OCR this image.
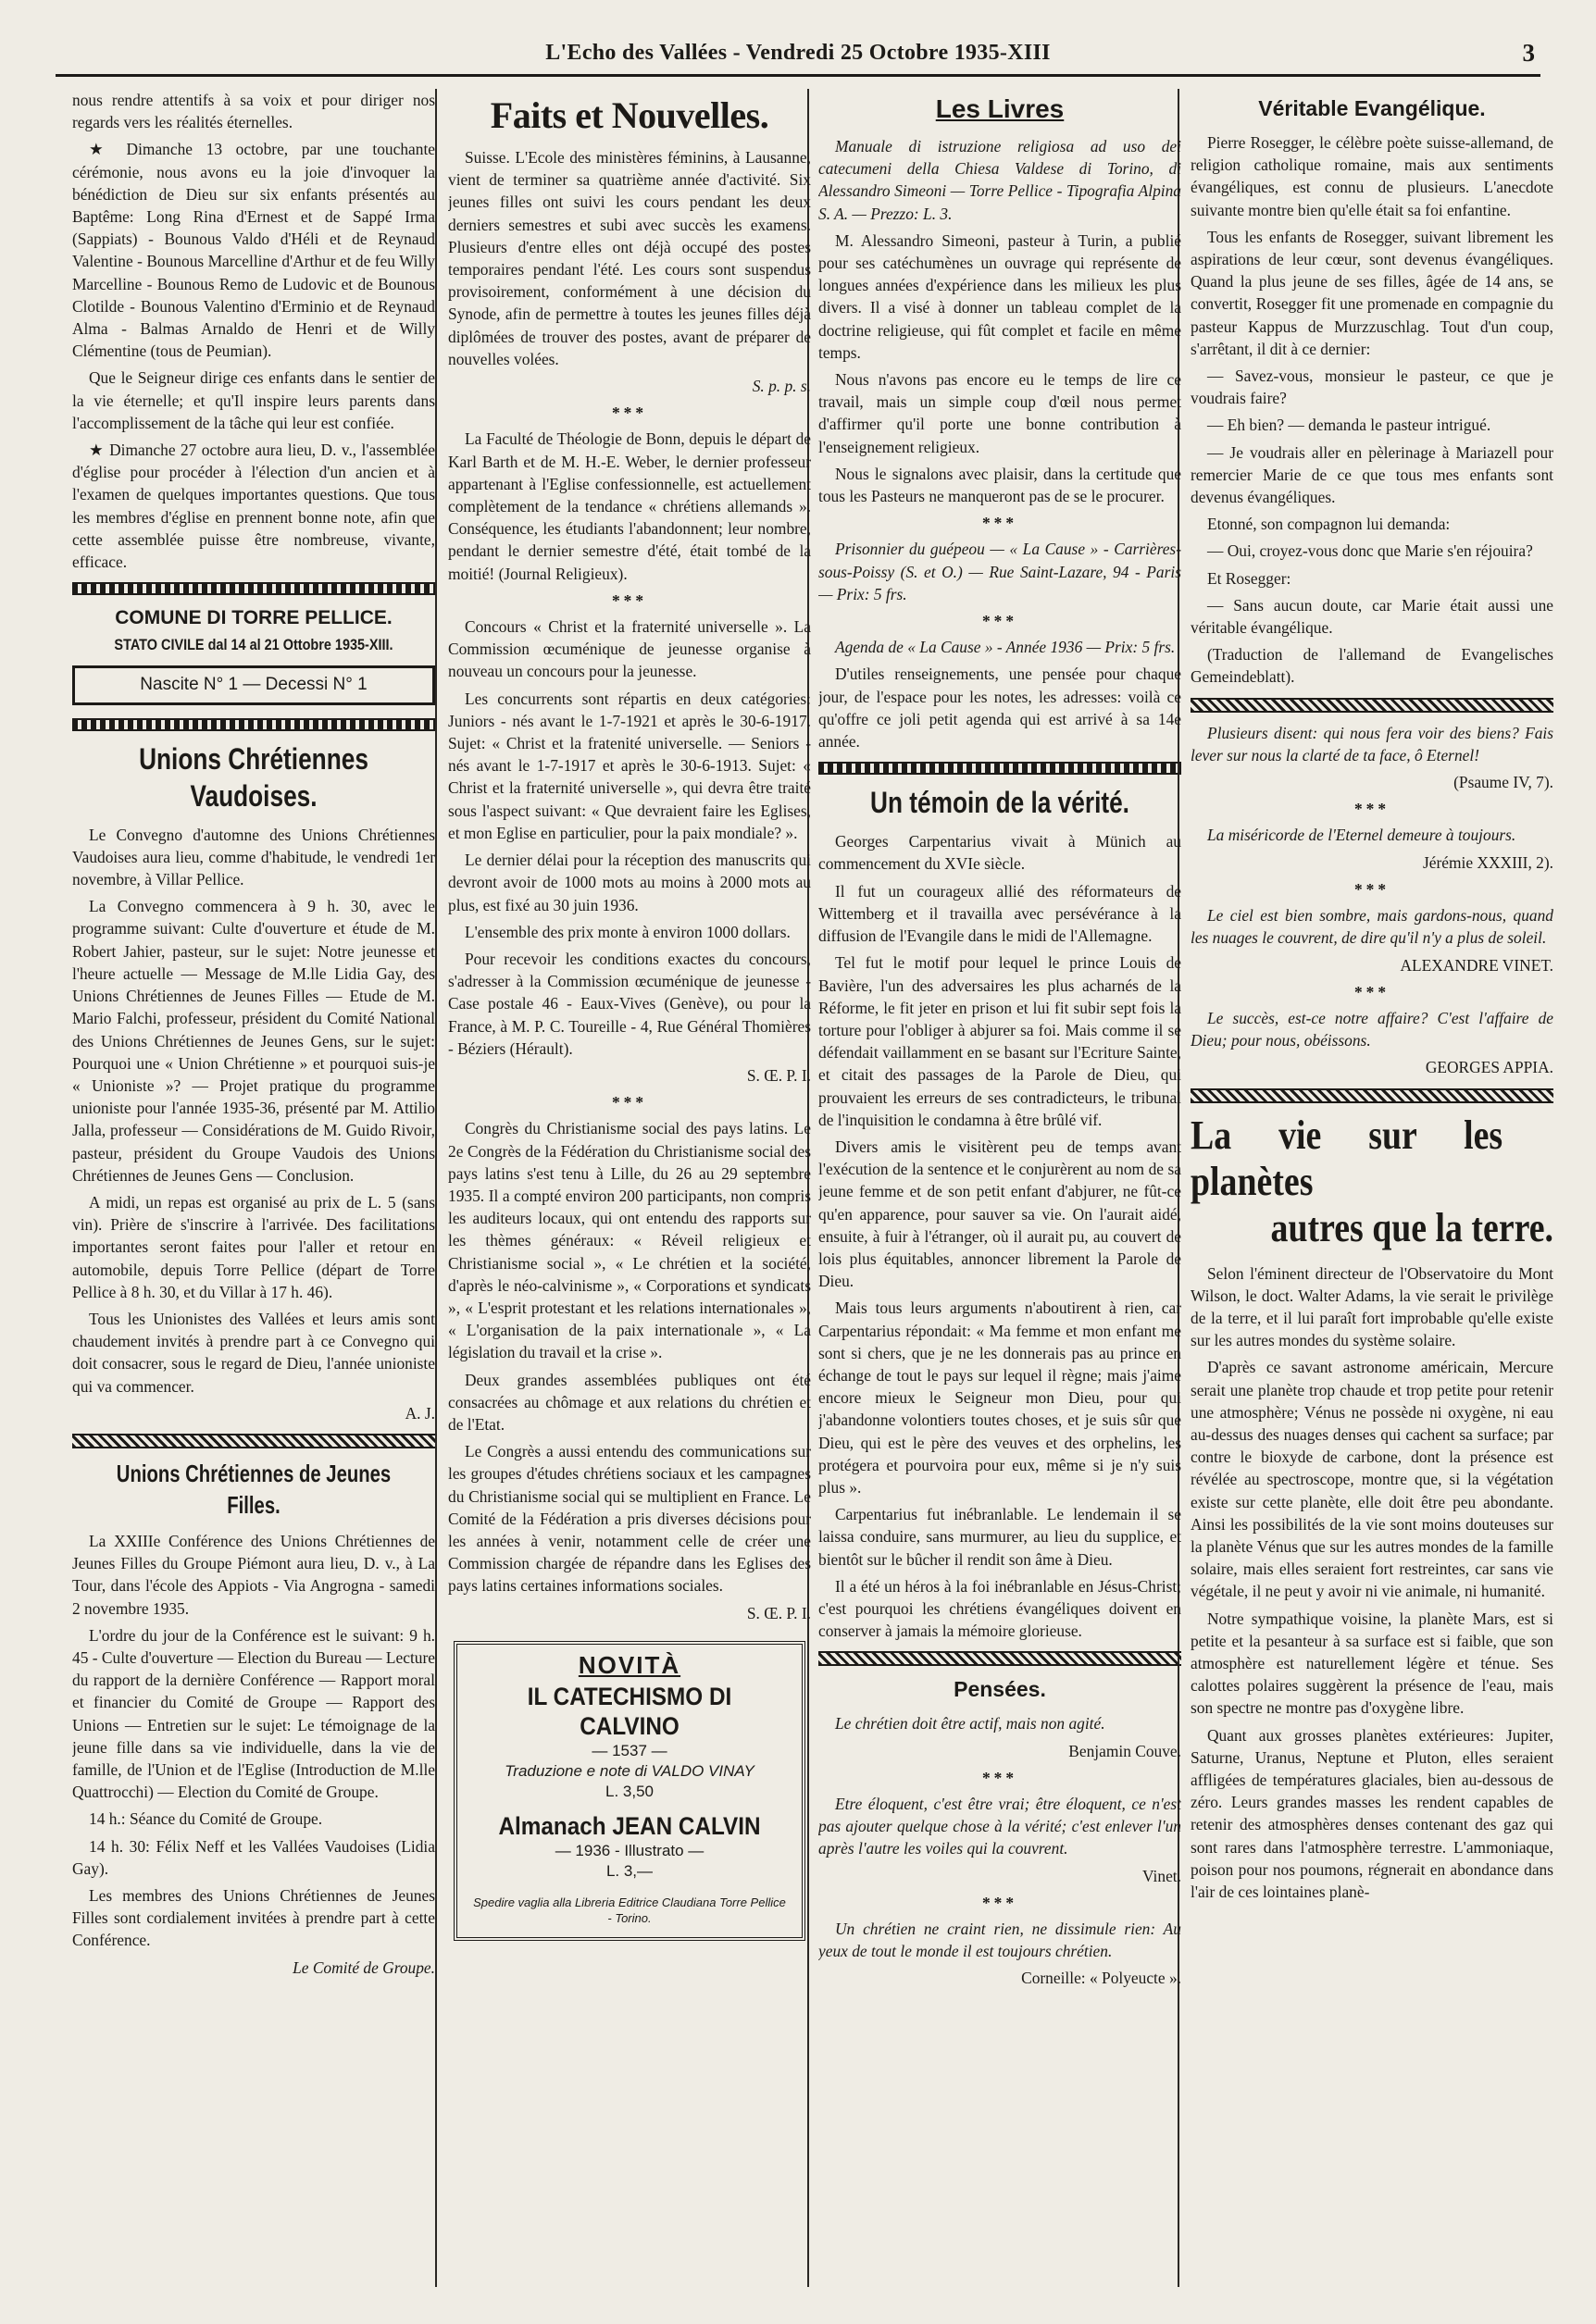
L'Echo des Vallées - Vendredi 25 Octobre 1935-XIII	3

nous rendre attentifs à sa voix et pour diriger nos regards vers les réalités éternelles.

★ Dimanche 13 octobre, par une touchante cérémonie, nous avons eu la joie d'invoquer la bénédiction de Dieu sur six enfants présentés au Baptême: Long Rina d'Ernest et de Sappé Irma (Sappiats) - Bounous Valdo d'Héli et de Reynaud Valentine - Bounous Marcelline d'Arthur et de feu Willy Marcelline - Bounous Remo de Ludovic et de Bounous Clotilde - Bounous Valentino d'Erminio et de Reynaud Alma - Balmas Arnaldo de Henri et de Willy Clémentine (tous de Peumian).

Que le Seigneur dirige ces enfants dans le sentier de la vie éternelle; et qu'Il inspire leurs parents dans l'accomplissement de la tâche qui leur est confiée.

★ Dimanche 27 octobre aura lieu, D. v., l'assemblée d'église pour procéder à l'élection d'un ancien et à l'examen de quelques importantes questions. Que tous les membres d'église en prennent bonne note, afin que cette assemblée puisse être nombreuse, vivante, efficace.

COMUNE DI TORRE PELLICE.
STATO CIVILE dal 14 al 21 Ottobre 1935-XIII.
Nascite N° 1 — Decessi N° 1
Unions Chrétiennes Vaudoises.

Le Convegno d'automne des Unions Chrétiennes Vaudoises aura lieu, comme d'habitude, le vendredi 1er novembre, à Villar Pellice.

La Convegno commencera à 9 h. 30, avec le programme suivant: Culte d'ouverture et étude de M. Robert Jahier, pasteur, sur le sujet: Notre jeunesse et l'heure actuelle — Message de M.lle Lidia Gay, des Unions Chrétiennes de Jeunes Filles — Etude de M. Mario Falchi, professeur, président du Comité National des Unions Chrétiennes de Jeunes Gens, sur le sujet: Pourquoi une « Union Chrétienne » et pourquoi suis-je « Unioniste »? — Projet pratique du programme unioniste pour l'année 1935-36, présenté par M. Attilio Jalla, professeur — Considérations de M. Guido Rivoir, pasteur, président du Groupe Vaudois des Unions Chrétiennes de Jeunes Gens — Conclusion.

A midi, un repas est organisé au prix de L. 5 (sans vin). Prière de s'inscrire à l'arrivée. Des facilitations importantes seront faites pour l'aller et retour en automobile, depuis Torre Pellice (départ de Torre Pellice à 8 h. 30, et du Villar à 17 h. 46).

Tous les Unionistes des Vallées et leurs amis sont chaudement invités à prendre part à ce Convegno qui doit consacrer, sous le regard de Dieu, l'année unioniste qui va commencer.

A. J.

Unions Chrétiennes de Jeunes Filles.

La XXIIIe Conférence des Unions Chrétiennes de Jeunes Filles du Groupe Piémont aura lieu, D. v., à La Tour, dans l'école des Appiots - Via Angrogna - samedi 2 novembre 1935.

L'ordre du jour de la Conférence est le suivant: 9 h. 45 - Culte d'ouverture — Election du Bureau — Lecture du rapport de la dernière Conférence — Rapport moral et financier du Comité de Groupe — Rapport des Unions — Entretien sur le sujet: Le témoignage de la jeune fille dans sa vie individuelle, dans la vie de famille, de l'Union et de l'Eglise (Introduction de M.lle Quattrocchi) — Election du Comité de Groupe.

14 h.: Séance du Comité de Groupe.

14 h. 30: Félix Neff et les Vallées Vaudoises (Lidia Gay).

Les membres des Unions Chrétiennes de Jeunes Filles sont cordialement invitées à prendre part à cette Conférence.

Le Comité de Groupe.

Faits et Nouvelles.

Suisse. L'Ecole des ministères féminins, à Lausanne, vient de terminer sa quatrième année d'activité. Six jeunes filles ont suivi les cours pendant les deux derniers semestres et subi avec succès les examens. Plusieurs d'entre elles ont déjà occupé des postes temporaires pendant l'été. Les cours sont suspendus provisoirement, conformément à une décision du Synode, afin de permettre à toutes les jeunes filles déjà diplômées de trouver des postes, avant de préparer de nouvelles volées.

S. p. p. s.

***

La Faculté de Théologie de Bonn, depuis le départ de Karl Barth et de M. H.-E. Weber, le dernier professeur appartenant à l'Eglise confessionnelle, est actuellement complètement de la tendance « chrétiens allemands ». Conséquence, les étudiants l'abandonnent; leur nombre, pendant le dernier semestre d'été, était tombé de la moitié! (Journal Religieux).

***

Concours « Christ et la fraternité universelle ». La Commission œcuménique de jeunesse organise à nouveau un concours pour la jeunesse.

Les concurrents sont répartis en deux catégories: Juniors - nés avant le 1-7-1921 et après le 30-6-1917. Sujet: « Christ et la fratenité universelle. — Seniors - nés avant le 1-7-1917 et après le 30-6-1913. Sujet: « Christ et la fraternité universelle », qui devra être traité sous l'aspect suivant: « Que devraient faire les Eglises, et mon Eglise en particulier, pour la paix mondiale? ».

Le dernier délai pour la réception des manuscrits qui devront avoir de 1000 mots au moins à 2000 mots au plus, est fixé au 30 juin 1936.

L'ensemble des prix monte à environ 1000 dollars.

Pour recevoir les conditions exactes du concours, s'adresser à la Commission œcuménique de jeunesse - Case postale 46 - Eaux-Vives (Genève), ou pour la France, à M. P. C. Toureille - 4, Rue Général Thomières - Béziers (Hérault).

S. Œ. P. I.

***

Congrès du Christianisme social des pays latins. Le 2e Congrès de la Fédération du Christianisme social des pays latins s'est tenu à Lille, du 26 au 29 septembre 1935. Il a compté environ 200 participants, non compris les auditeurs locaux, qui ont entendu des rapports sur les thèmes généraux: « Réveil religieux et Christianisme social », « Le chrétien et la société, d'après le néo-calvinisme », « Corporations et syndicats », « L'esprit protestant et les relations internationales », « L'organisation de la paix internationale », « La législation du travail et la crise ».

Deux grandes assemblées publiques ont été consacrées au chômage et aux relations du chrétien et de l'Etat.

Le Congrès a aussi entendu des communications sur les groupes d'études chrétiens sociaux et les campagnes du Christianisme social qui se multiplient en France. Le Comité de la Fédération a pris diverses décisions pour les années à venir, notamment celle de créer une Commission chargée de répandre dans les Eglises des pays latins certaines informations sociales.

S. Œ. P. I.

NOVITÀ
IL CATECHISMO DI CALVINO
— 1537 —
Traduzione e note di VALDO VINAY
L. 3,50
Almanach JEAN CALVIN
— 1936 - Illustrato —
L. 3,—
Spedire vaglia alla Libreria Editrice Claudiana Torre Pellice - Torino.
Les Livres

Manuale di istruzione religiosa ad uso dei catecumeni della Chiesa Valdese di Torino, di Alessandro Simeoni — Torre Pellice - Tipografia Alpina S. A. — Prezzo: L. 3.

M. Alessandro Simeoni, pasteur à Turin, a publié pour ses catéchumènes un ouvrage qui représente de longues années d'expérience dans les milieux les plus divers. Il a visé à donner un tableau complet de la doctrine religieuse, qui fût complet et facile en même temps.

Nous n'avons pas encore eu le temps de lire ce travail, mais un simple coup d'œil nous permet d'affirmer qu'il porte une bonne contribution à l'enseignement religieux.

Nous le signalons avec plaisir, dans la certitude que tous les Pasteurs ne manqueront pas de se le procurer.

***

Prisonnier du guépeou — « La Cause » - Carrières-sous-Poissy (S. et O.) — Rue Saint-Lazare, 94 - Paris — Prix: 5 frs.

***

Agenda de « La Cause » - Année 1936 — Prix: 5 frs.

D'utiles renseignements, une pensée pour chaque jour, de l'espace pour les notes, les adresses: voilà ce qu'offre ce joli petit agenda qui est arrivé à sa 14e année.

Un témoin de la vérité.

Georges Carpentarius vivait à Münich au commencement du XVIe siècle.

Il fut un courageux allié des réformateurs de Wittemberg et il travailla avec persévérance à la diffusion de l'Evangile dans le midi de l'Allemagne.

Tel fut le motif pour lequel le prince Louis de Bavière, l'un des adversaires les plus acharnés de la Réforme, le fit jeter en prison et lui fit subir sept fois la torture pour l'obliger à abjurer sa foi. Mais comme il se défendait vaillamment en se basant sur l'Ecriture Sainte, et citait des passages de la Parole de Dieu, qui prouvaient les erreurs de ses contradicteurs, le tribunal de l'inquisition le condamna à être brûlé vif.

Divers amis le visitèrent peu de temps avant l'exécution de la sentence et le conjurèrent au nom de sa jeune femme et de son petit enfant d'abjurer, ne fût-ce qu'en apparence, pour sauver sa vie. On l'aurait aidé, ensuite, à fuir à l'étranger, où il aurait pu, au couvert de lois plus équitables, annoncer librement la Parole de Dieu.

Mais tous leurs arguments n'aboutirent à rien, car Carpentarius répondait: « Ma femme et mon enfant me sont si chers, que je ne les donnerais pas au prince en échange de tout le pays sur lequel il règne; mais j'aime encore mieux le Seigneur mon Dieu, pour qui j'abandonne volontiers toutes choses, et je suis sûr que Dieu, qui est le père des veuves et des orphelins, les protégera et pourvoira pour eux, même si je n'y suis plus ».

Carpentarius fut inébranlable. Le lendemain il se laissa conduire, sans murmurer, au lieu du supplice, et bientôt sur le bûcher il rendit son âme à Dieu.

Il a été un héros à la foi inébranlable en Jésus-Christ; c'est pourquoi les chrétiens évangéliques doivent en conserver à jamais la mémoire glorieuse.

Pensées.

Le chrétien doit être actif, mais non agité.

Benjamin Couve.

***

Etre éloquent, c'est être vrai; être éloquent, ce n'est pas ajouter quelque chose à la vérité; c'est enlever l'un après l'autre les voiles qui la couvrent.

Vinet.

***

Un chrétien ne craint rien, ne dissimule rien: Au yeux de tout le monde il est toujours chrétien.

Corneille: « Polyeucte ».

Véritable Evangélique.

Pierre Rosegger, le célèbre poète suisse-allemand, de religion catholique romaine, mais aux sentiments évangéliques, est connu de plusieurs. L'anecdote suivante montre bien qu'elle était sa foi enfantine.

Tous les enfants de Rosegger, suivant librement les aspirations de leur cœur, sont devenus évangéliques. Quand la plus jeune de ses filles, âgée de 14 ans, se convertit, Rosegger fit une promenade en compagnie du pasteur Kappus de Murzzuschlag. Tout d'un coup, s'arrêtant, il dit à ce dernier:

— Savez-vous, monsieur le pasteur, ce que je voudrais faire?

— Eh bien? — demanda le pasteur intrigué.

— Je voudrais aller en pèlerinage à Mariazell pour remercier Marie de ce que tous mes enfants sont devenus évangéliques.

Etonné, son compagnon lui demanda:

— Oui, croyez-vous donc que Marie s'en réjouira?

Et Rosegger:

— Sans aucun doute, car Marie était aussi une véritable évangélique.

(Traduction de l'allemand de Evangelisches Gemeindeblatt).

Plusieurs disent: qui nous fera voir des biens? Fais lever sur nous la clarté de ta face, ô Eternel!

(Psaume IV, 7).

***

La miséricorde de l'Eternel demeure à toujours.

Jérémie XXXIII, 2).

***

Le ciel est bien sombre, mais gardons-nous, quand les nuages le couvrent, de dire qu'il n'y a plus de soleil.

ALEXANDRE VINET.

***

Le succès, est-ce notre affaire? C'est l'affaire de Dieu; pour nous, obéissons.

GEORGES APPIA.

La vie sur les planètes
autres que la terre.

Selon l'éminent directeur de l'Observatoire du Mont Wilson, le doct. Walter Adams, la vie serait le privilège de la terre, et il lui paraît fort improbable qu'elle existe sur les autres mondes du système solaire.

D'après ce savant astronome américain, Mercure serait une planète trop chaude et trop petite pour retenir une atmosphère; Vénus ne possède ni oxygène, ni eau au-dessus des nuages denses qui cachent sa surface; par contre le bioxyde de carbone, dont la présence est révélée au spectroscope, montre que, si la végétation existe sur cette planète, elle doit être peu abondante. Ainsi les possibilités de la vie sont moins douteuses sur la planète Vénus que sur les autres mondes de la famille solaire, mais elles seraient fort restreintes, car sans vie végétale, il ne peut y avoir ni vie animale, ni humanité.

Notre sympathique voisine, la planète Mars, est si petite et la pesanteur à sa surface est si faible, que son atmosphère est naturellement légère et ténue. Ses calottes polaires suggèrent la présence de l'eau, mais son spectre ne montre pas d'oxygène libre.

Quant aux grosses planètes extérieures: Jupiter, Saturne, Uranus, Neptune et Pluton, elles seraient affligées de températures glaciales, bien au-dessous de zéro. Leurs grandes masses les rendent capables de retenir des atmosphères denses contenant des gaz qui sont rares dans l'atmosphère terrestre. L'ammoniaque, poison pour nos poumons, régnerait en abondance dans l'air de ces lointaines planè-
